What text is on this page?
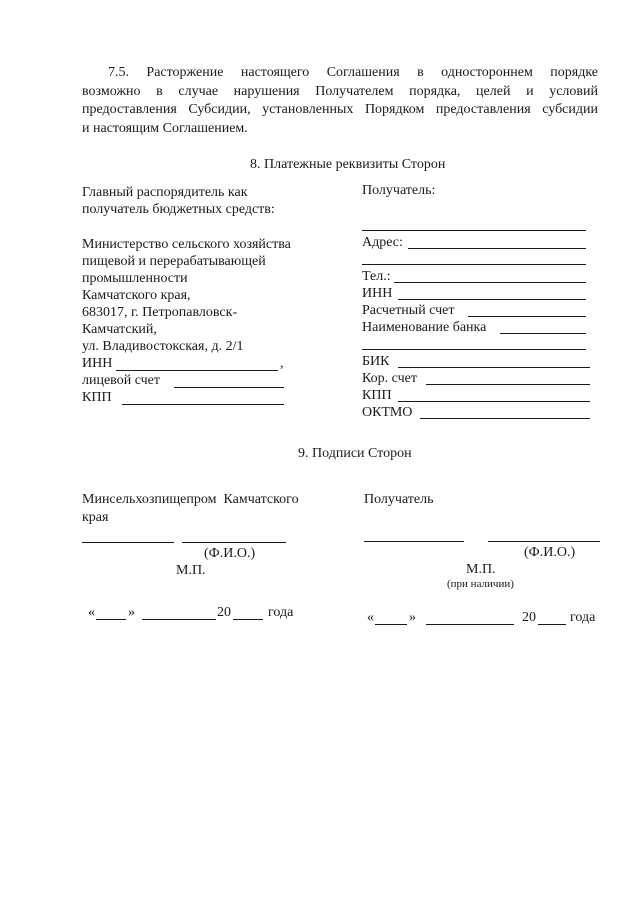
7.5. Расторжение настоящего Соглашения в одностороннем порядке
возможно в случае нарушения Получателем порядка, целей и условий
предоставления Субсидии, установленных Порядком предоставления субсидии
и настоящим Соглашением.
8. Платежные реквизиты Сторон
Главный распорядитель как
получатель бюджетных средств:
Министерство сельского хозяйства
пищевой и перерабатывающей
промышленности
Камчатского края,
683017, г. Петропавловск-
Камчатский,
ул. Владивостокская, д. 2/1
ИНН	,
лицевой счет
КПП
Получатель:
Адрес:
Тел.:
ИНН
Расчетный счет
Наименование банка
БИК
Кор. счет
КПП
ОКТМО
9. Подписи Сторон
Минсельхозпищепром  Камчатского
края
(Ф.И.О.)
М.П.
« »	20	года
Получатель
(Ф.И.О.)
М.П.
(при наличии)
«	»	20 года
